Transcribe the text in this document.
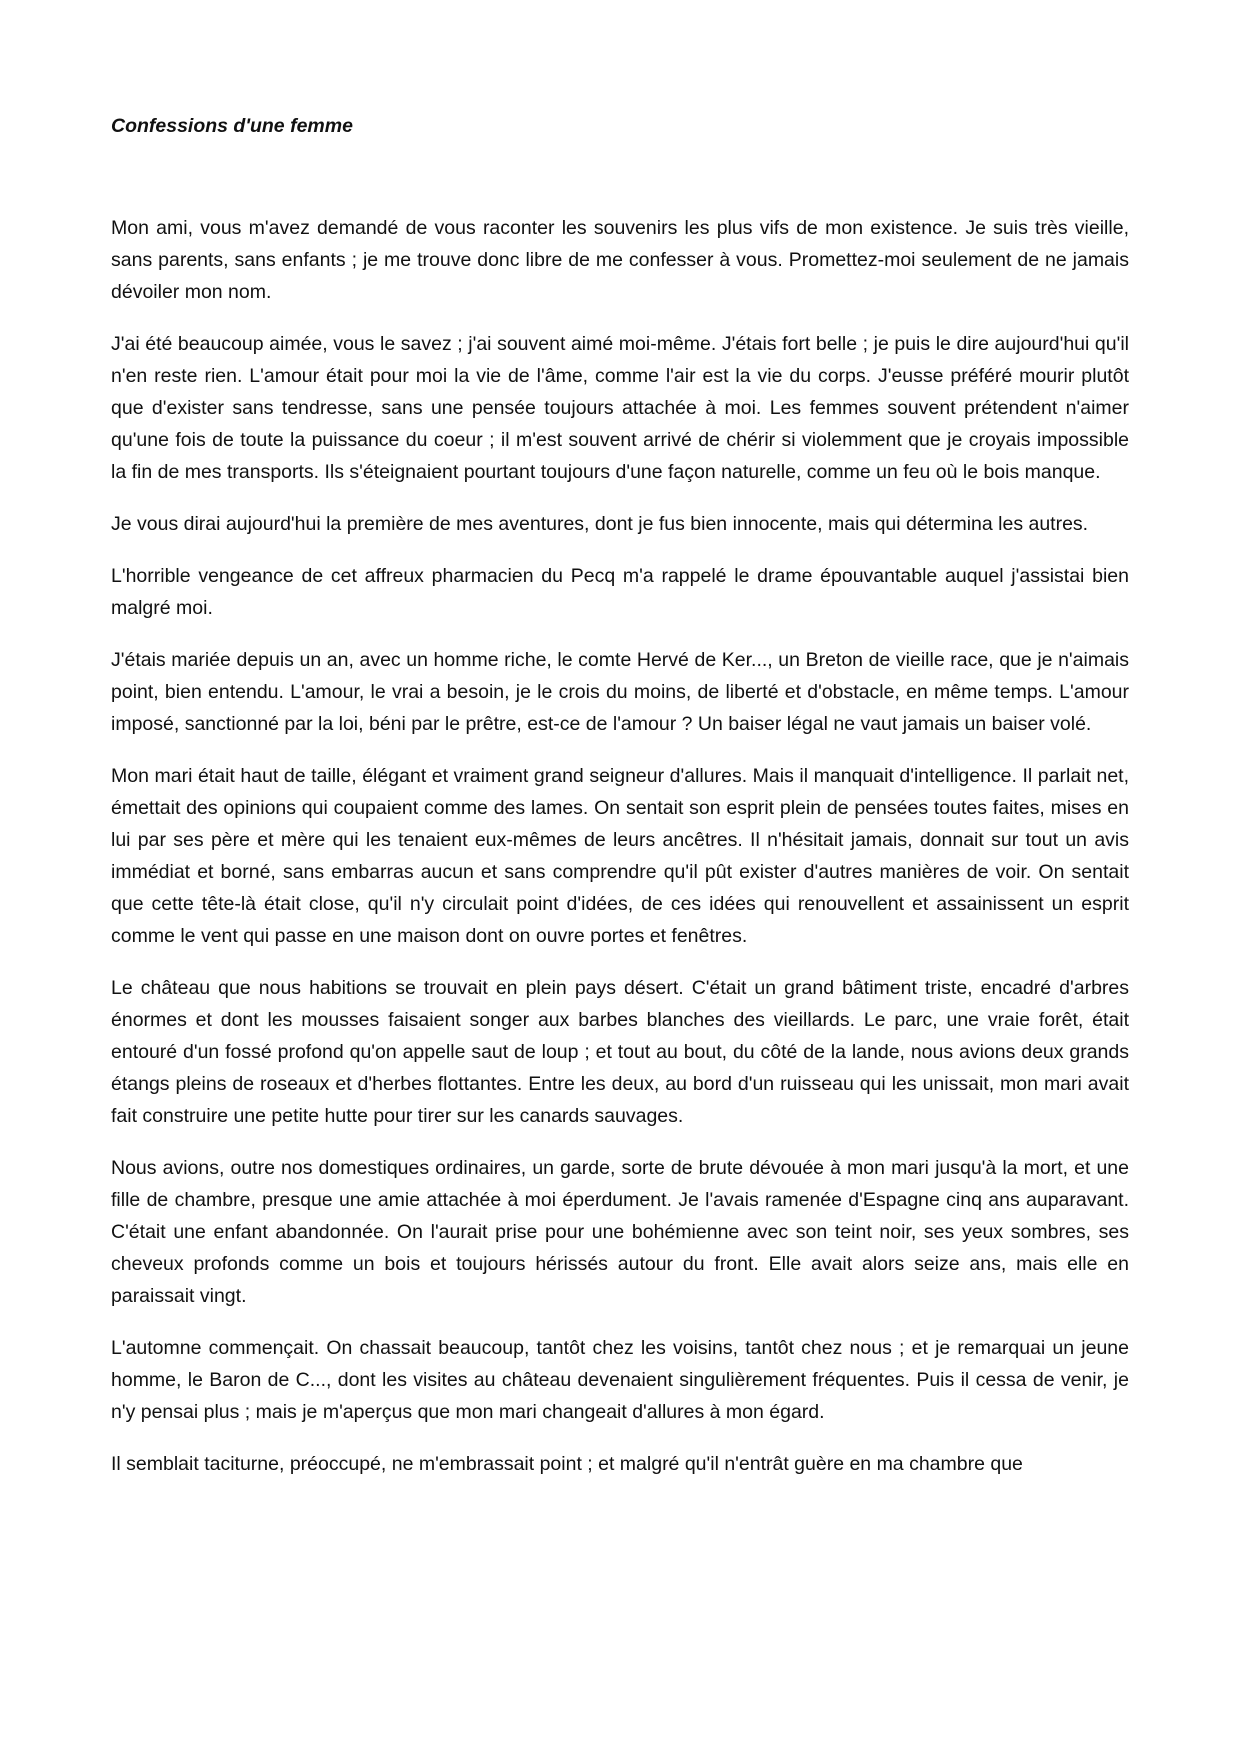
Confessions d'une femme

Mon ami, vous m'avez demandé de vous raconter les souvenirs les plus vifs de mon existence. Je suis très vieille, sans parents, sans enfants ; je me trouve donc libre de me confesser à vous. Promettez-moi seulement de ne jamais dévoiler mon nom.

J'ai été beaucoup aimée, vous le savez ; j'ai souvent aimé moi-même. J'étais fort belle ; je puis le dire aujourd'hui qu'il n'en reste rien. L'amour était pour moi la vie de l'âme, comme l'air est la vie du corps. J'eusse préféré mourir plutôt que d'exister sans tendresse, sans une pensée toujours attachée à moi. Les femmes souvent prétendent n'aimer qu'une fois de toute la puissance du coeur ; il m'est souvent arrivé de chérir si violemment que je croyais impossible la fin de mes transports. Ils s'éteignaient pourtant toujours d'une façon naturelle, comme un feu où le bois manque.

Je vous dirai aujourd'hui la première de mes aventures, dont je fus bien innocente, mais qui détermina les autres.

L'horrible vengeance de cet affreux pharmacien du Pecq m'a rappelé le drame épouvantable auquel j'assistai bien malgré moi.

J'étais mariée depuis un an, avec un homme riche, le comte Hervé de Ker..., un Breton de vieille race, que je n'aimais point, bien entendu. L'amour, le vrai a besoin, je le crois du moins, de liberté et d'obstacle, en même temps. L'amour imposé, sanctionné par la loi, béni par le prêtre, est-ce de l'amour ? Un baiser légal ne vaut jamais un baiser volé.

Mon mari était haut de taille, élégant et vraiment grand seigneur d'allures. Mais il manquait d'intelligence. Il parlait net, émettait des opinions qui coupaient comme des lames. On sentait son esprit plein de pensées toutes faites, mises en lui par ses père et mère qui les tenaient eux-mêmes de leurs ancêtres. Il n'hésitait jamais, donnait sur tout un avis immédiat et borné, sans embarras aucun et sans comprendre qu'il pût exister d'autres manières de voir. On sentait que cette tête-là était close, qu'il n'y circulait point d'idées, de ces idées qui renouvellent et assainissent un esprit comme le vent qui passe en une maison dont on ouvre portes et fenêtres.

Le château que nous habitions se trouvait en plein pays désert. C'était un grand bâtiment triste, encadré d'arbres énormes et dont les mousses faisaient songer aux barbes blanches des vieillards. Le parc, une vraie forêt, était entouré d'un fossé profond qu'on appelle saut de loup ; et tout au bout, du côté de la lande, nous avions deux grands étangs pleins de roseaux et d'herbes flottantes. Entre les deux, au bord d'un ruisseau qui les unissait, mon mari avait fait construire une petite hutte pour tirer sur les canards sauvages.

Nous avions, outre nos domestiques ordinaires, un garde, sorte de brute dévouée à mon mari jusqu'à la mort, et une fille de chambre, presque une amie attachée à moi éperdument. Je l'avais ramenée d'Espagne cinq ans auparavant. C'était une enfant abandonnée. On l'aurait prise pour une bohémienne avec son teint noir, ses yeux sombres, ses cheveux profonds comme un bois et toujours hérissés autour du front. Elle avait alors seize ans, mais elle en paraissait vingt.

L'automne commençait. On chassait beaucoup, tantôt chez les voisins, tantôt chez nous ; et je remarquai un jeune homme, le Baron de C..., dont les visites au château devenaient singulièrement fréquentes. Puis il cessa de venir, je n'y pensai plus ; mais je m'aperçus que mon mari changeait d'allures à mon égard.

Il semblait taciturne, préoccupé, ne m'embrassait point ; et malgré qu'il n'entrât guère en ma chambre que
